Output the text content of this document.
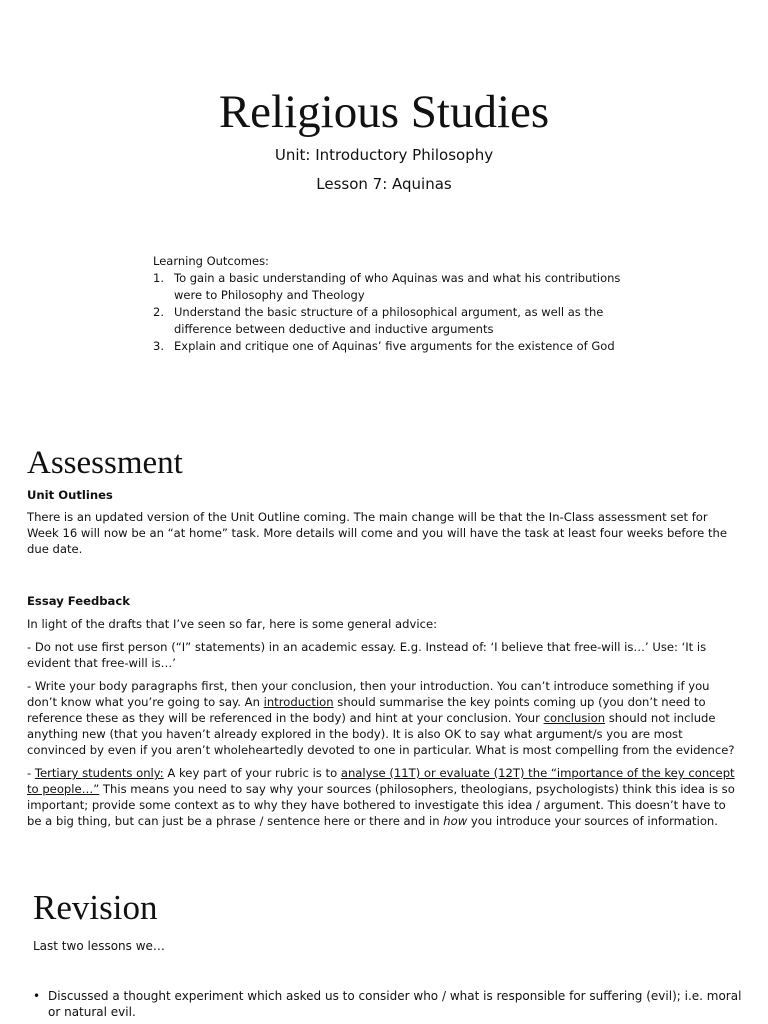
Religious Studies
Unit: Introductory Philosophy
Lesson 7: Aquinas
Learning Outcomes:
1. To gain a basic understanding of who Aquinas was and what his contributions were to Philosophy and Theology
2. Understand the basic structure of a philosophical argument, as well as the difference between deductive and inductive arguments
3. Explain and critique one of Aquinas’ five arguments for the existence of God
Assessment

Unit Outlines

There is an updated version of the Unit Outline coming. The main change will be that the In-Class assessment set for Week 16 will now be an “at home” task. More details will come and you will have the task at least four weeks before the due date.

Essay Feedback

In light of the drafts that I’ve seen so far, here is some general advice:

- Do not use first person (“I” statements) in an academic essay. E.g. Instead of: ‘I believe that free-will is…’ Use: ‘It is evident that free-will is…’

- Write your body paragraphs first, then your conclusion, then your introduction. You can’t introduce something if you don’t know what you’re going to say. An introduction should summarise the key points coming up (you don’t need to reference these as they will be referenced in the body) and hint at your conclusion. Your conclusion should not include anything new (that you haven’t already explored in the body). It is also OK to say what argument/s you are most convinced by even if you aren’t wholeheartedly devoted to one in particular. What is most compelling from the evidence?

- Tertiary students only: A key part of your rubric is to analyse (11T) or evaluate (12T) the “importance of the key concept to people…” This means you need to say why your sources (philosophers, theologians, psychologists) think this idea is so important; provide some context as to why they have bothered to investigate this idea / argument. This doesn’t have to be a big thing, but can just be a phrase / sentence here or there and in how you introduce your sources of information.

Revision
Last two lessons we…
• Discussed a thought experiment which asked us to consider who / what is responsible for suffering (evil); i.e. moral or natural evil.
